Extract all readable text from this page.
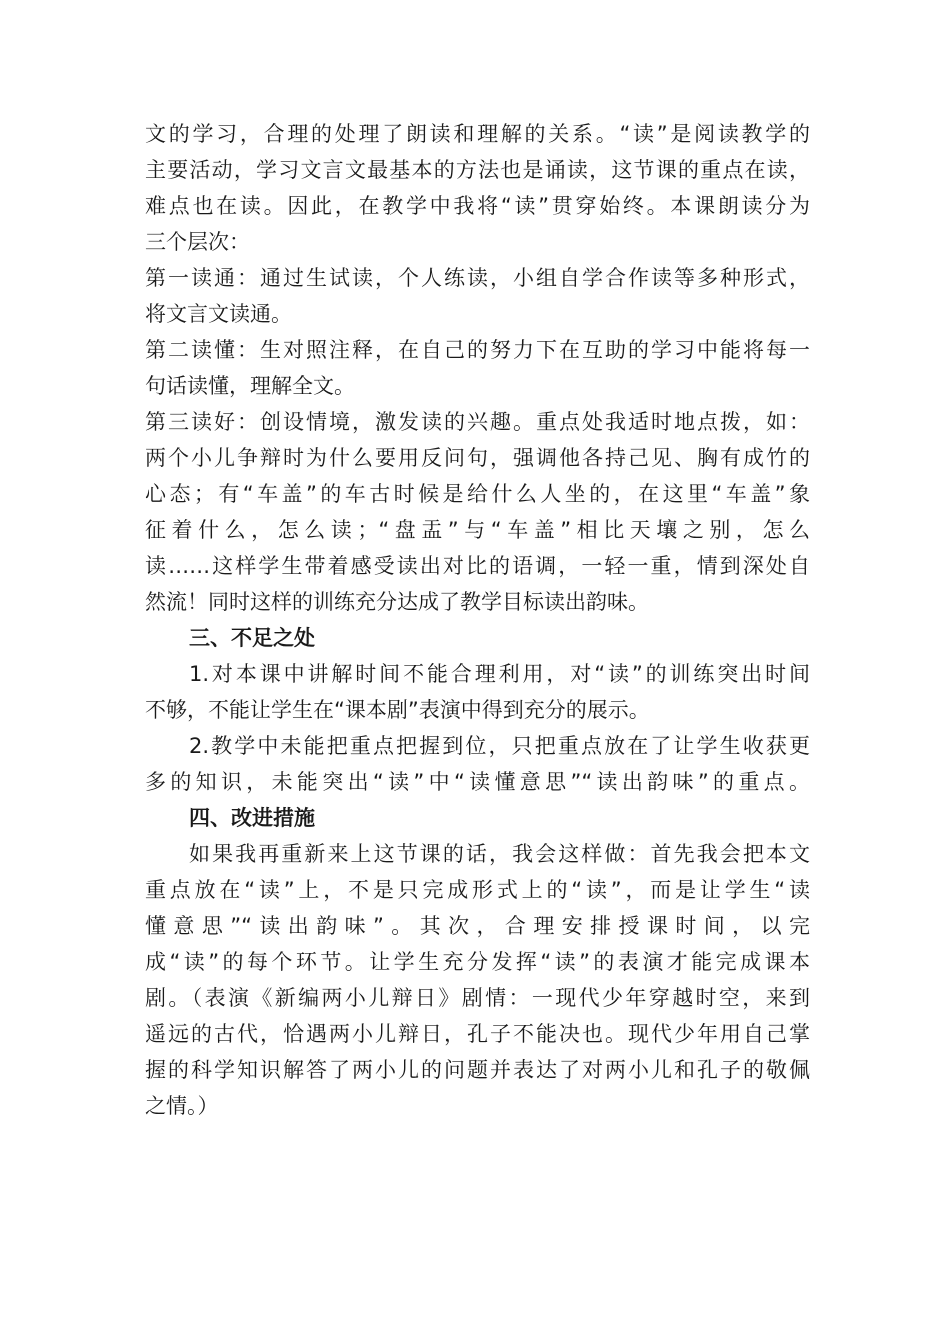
文的学习，合理的处理了朗读和理解的关系。“读”是阅读教学的
主要活动，学习文言文最基本的方法也是诵读，这节课的重点在读，
难点也在读。因此，在教学中我将“读”贯穿始终。本课朗读分为
三个层次：
第一读通：通过生试读，个人练读，小组自学合作读等多种形式，
将文言文读通。
第二读懂：生对照注释，在自己的努力下在互助的学习中能将每一
句话读懂，理解全文。
第三读好：创设情境，激发读的兴趣。重点处我适时地点拨，如：
两个小儿争辩时为什么要用反问句，强调他各持己见、胸有成竹的
心态；有“车盖”的车古时候是给什么人坐的，在这里“车盖”象
征着什么，怎么读；“盘盂”与“车盖”相比天壤之别，怎么
读……这样学生带着感受读出对比的语调，一轻一重，情到深处自
然流！同时这样的训练充分达成了教学目标读出韵味。
三、不足之处
1.对本课中讲解时间不能合理利用，对“读”的训练突出时间
不够，不能让学生在“课本剧”表演中得到充分的展示。
2.教学中未能把重点把握到位，只把重点放在了让学生收获更
多的知识，未能突出“读”中“读懂意思”“读出韵味”的重点。
四、改进措施
如果我再重新来上这节课的话，我会这样做：首先我会把本文
重点放在“读”上，不是只完成形式上的“读”，而是让学生“读
懂意思”“读出韵味”。其次，合理安排授课时间，以完
成“读”的每个环节。让学生充分发挥“读”的表演才能完成课本
剧。（表演《新编两小儿辩日》剧情：一现代少年穿越时空，来到
遥远的古代，恰遇两小儿辩日，孔子不能决也。现代少年用自己掌
握的科学知识解答了两小儿的问题并表达了对两小儿和孔子的敬佩
之情。）
